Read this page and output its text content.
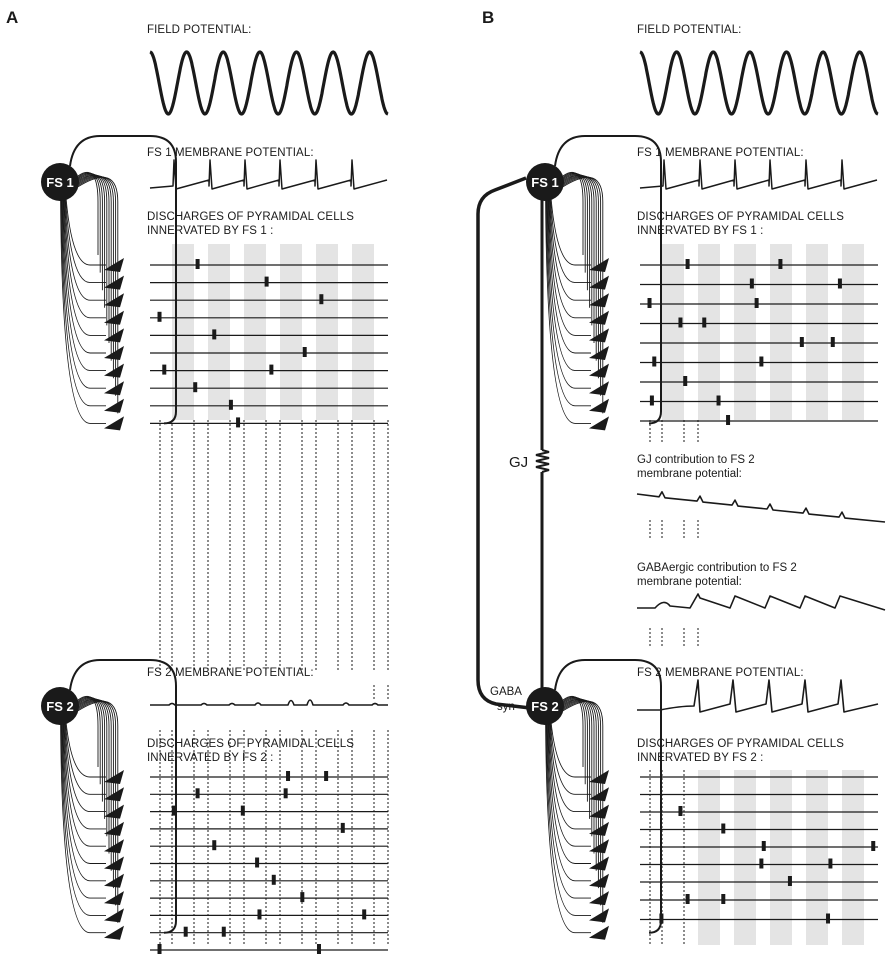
A
FIELD POTENTIAL:
FS 1 MEMBRANE POTENTIAL:
DISCHARGES OF PYRAMIDAL CELLS
INNERVATED BY FS 1 :
FS 2 MEMBRANE POTENTIAL:
DISCHARGES OF PYRAMIDAL CELLS
INNERVATED BY FS 2 :
FS 1
FS 2
B
FIELD POTENTIAL:
FS 1 MEMBRANE POTENTIAL:
DISCHARGES OF PYRAMIDAL CELLS
INNERVATED BY FS 1 :
GJ contribution to FS 2
membrane potential:
GABAergic contribution to FS 2
membrane potential:
FS 2 MEMBRANE POTENTIAL:
DISCHARGES OF PYRAMIDAL CELLS
INNERVATED BY FS 2 :
GJ
GABA
syn
FS 1
FS 2
